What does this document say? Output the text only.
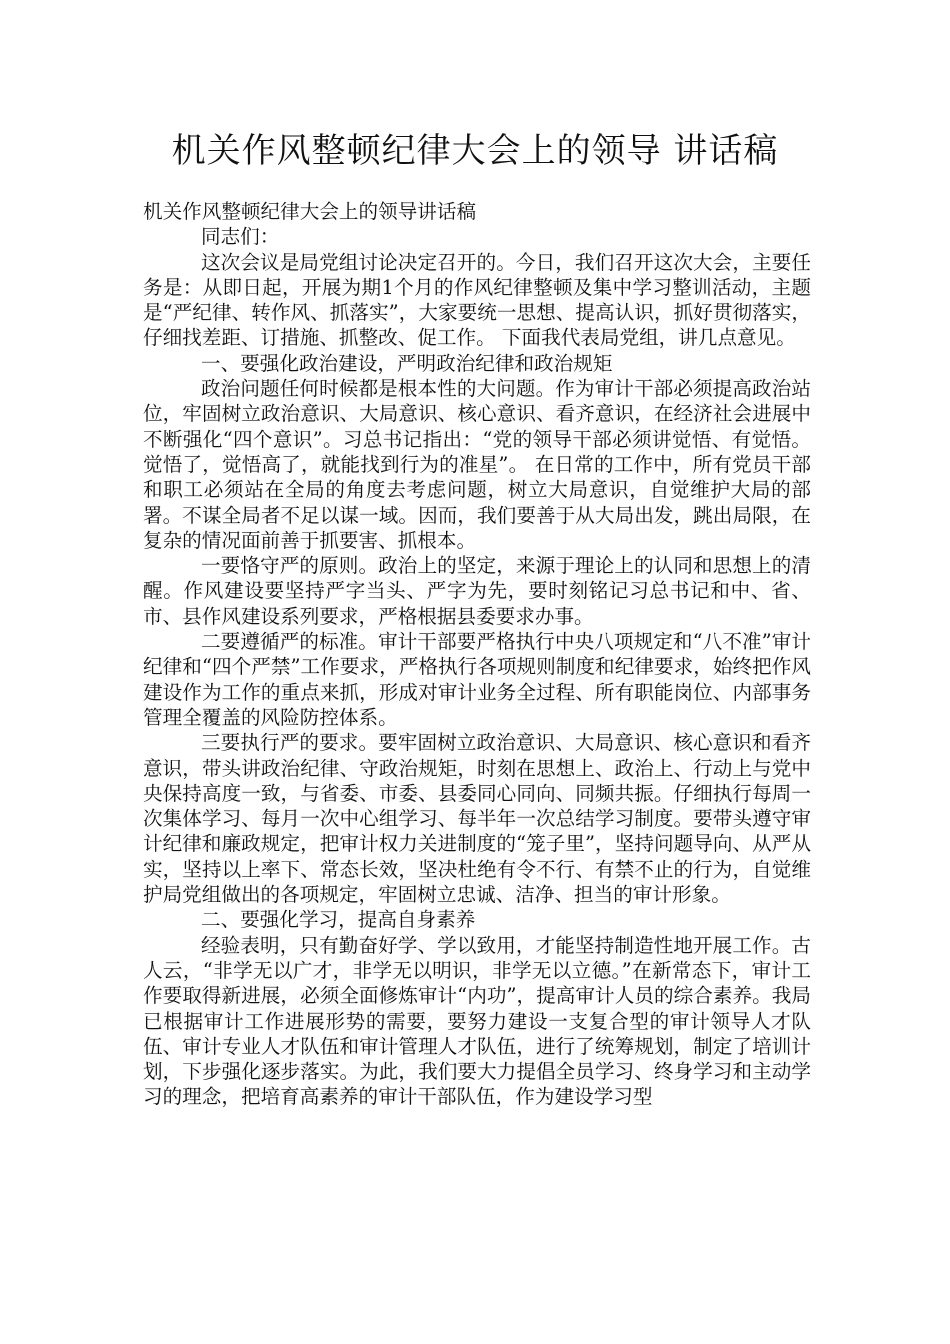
机关作风整顿纪律大会上的领导 讲话稿

机关作风整顿纪律大会上的领导讲话稿

同志们：

这次会议是局党组讨论决定召开的。今日，我们召开这次大会，主要任务是：从即日起，开展为期1个月的作风纪律整顿及集中学习整训活动，主题是“严纪律、转作风、抓落实”，大家要统一思想、提高认识，抓好贯彻落实，仔细找差距、订措施、抓整改、促工作。 下面我代表局党组，讲几点意见。

一、要强化政治建设，严明政治纪律和政治规矩

政治问题任何时候都是根本性的大问题。作为审计干部必须提高政治站位，牢固树立政治意识、大局意识、核心意识、看齐意识，在经济社会进展中不断强化“四个意识”。习总书记指出：“党的领导干部必须讲觉悟、有觉悟。觉悟了，觉悟高了，就能找到行为的准星”。 在日常的工作中，所有党员干部和职工必须站在全局的角度去考虑问题，树立大局意识，自觉维护大局的部署。不谋全局者不足以谋一域。因而，我们要善于从大局出发，跳出局限，在复杂的情况面前善于抓要害、抓根本。

一要恪守严的原则。政治上的坚定，来源于理论上的认同和思想上的清醒。作风建设要坚持严字当头、严字为先，要时刻铭记习总书记和中、省、市、县作风建设系列要求，严格根据县委要求办事。

二要遵循严的标准。审计干部要严格执行中央八项规定和“八不准”审计纪律和“四个严禁”工作要求，严格执行各项规则制度和纪律要求，始终把作风建设作为工作的重点来抓，形成对审计业务全过程、所有职能岗位、内部事务管理全覆盖的风险防控体系。

三要执行严的要求。要牢固树立政治意识、大局意识、核心意识和看齐意识，带头讲政治纪律、守政治规矩，时刻在思想上、政治上、行动上与党中央保持高度一致，与省委、市委、县委同心同向、同频共振。仔细执行每周一次集体学习、每月一次中心组学习、每半年一次总结学习制度。要带头遵守审计纪律和廉政规定，把审计权力关进制度的“笼子里”，坚持问题导向、从严从实，坚持以上率下、常态长效，坚决杜绝有令不行、有禁不止的行为，自觉维护局党组做出的各项规定，牢固树立忠诚、洁净、担当的审计形象。

二、要强化学习，提高自身素养

经验表明，只有勤奋好学、学以致用，才能坚持制造性地开展工作。古人云，“非学无以广才，非学无以明识，非学无以立德。”在新常态下，审计工作要取得新进展，必须全面修炼审计“内功”，提高审计人员的综合素养。我局已根据审计工作进展形势的需要，要努力建设一支复合型的审计领导人才队伍、审计专业人才队伍和审计管理人才队伍，进行了统筹规划，制定了培训计划，下步强化逐步落实。为此，我们要大力提倡全员学习、终身学习和主动学习的理念，把培育高素养的审计干部队伍，作为建设学习型
